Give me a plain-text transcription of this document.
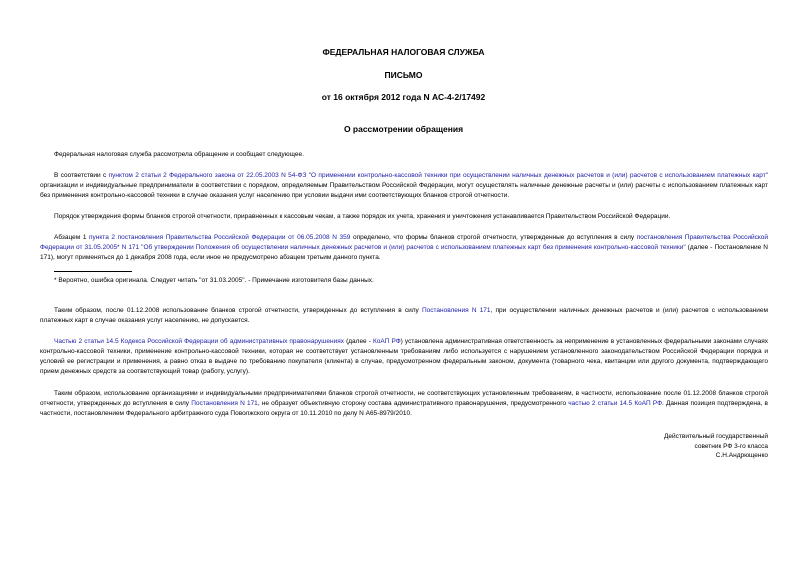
ФЕДЕРАЛЬНАЯ НАЛОГОВАЯ СЛУЖБА
ПИСЬМО
от 16 октября 2012 года N АС-4-2/17492
О рассмотрении обращения

Федеральная налоговая служба рассмотрела обращение и сообщает следующее.

В соответствии с пунктом 2 статьи 2 Федерального закона от 22.05.2003 N 54-ФЗ "О применении контрольно-кассовой техники при осуществлении наличных денежных расчетов и (или) расчетов с использованием платежных карт" организации и индивидуальные предприниматели в соответствии с порядком, определяемым Правительством Российской Федерации, могут осуществлять наличные денежные расчеты и (или) расчеты с использованием платежных карт без применения контрольно-кассовой техники в случае оказания услуг населению при условии выдачи ими соответствующих бланков строгой отчетности.

Порядок утверждения формы бланков строгой отчетности, приравненных к кассовым чекам, а также порядок их учета, хранения и уничтожения устанавливается Правительством Российской Федерации.

Абзацем 1 пункта 2 постановления Правительства Российской Федерации от 06.05.2008 N 359 определено, что формы бланков строгой отчетности, утвержденные до вступления в силу постановления Правительства Российской Федерации от 31.05.2005* N 171 "Об утверждении Положения об осуществлении наличных денежных расчетов и (или) расчетов с использованием платежных карт без применения контрольно-кассовой техники" (далее - Постановление N 171), могут применяться до 1 декабря 2008 года, если иное не предусмотрено абзацем третьим данного пункта.

* Вероятно, ошибка оригинала. Следует читать "от 31.03.2005". - Примечание изготовителя базы данных.

Таким образом, после 01.12.2008 использование бланков строгой отчетности, утвержденных до вступления в силу Постановления N 171, при осуществлении наличных денежных расчетов и (или) расчетов с использованием платежных карт в случае оказания услуг населению, не допускается.

Частью 2 статьи 14.5 Кодекса Российской Федерации об административных правонарушениях (далее - КоАП РФ) установлена административная ответственность за неприменение в установленных федеральными законами случаях контрольно-кассовой техники, применение контрольно-кассовой техники, которая не соответствует установленным требованиям либо используется с нарушением установленного законодательством Российской Федерации порядка и условий ее регистрации и применения, а равно отказ в выдаче по требованию покупателя (клиента) в случае, предусмотренном федеральным законом, документа (товарного чека, квитанции или другого документа, подтверждающего прием денежных средств за соответствующий товар (работу, услугу).

Таким образом, использование организациями и индивидуальными предпринимателями бланков строгой отчетности, не соответствующих установленным требованиям, в частности, использование после 01.12.2008 бланков строгой отчетности, утвержденных до вступления в силу Постановления N 171, не образует объективную сторону состава административного правонарушения, предусмотренного частью 2 статьи 14.5 КоАП РФ. Данная позиция подтверждена, в частности, постановлением Федерального арбитражного суда Поволжского округа от 10.11.2010 по делу N А65-8979/2010.

Действительный государственный
советник РФ 3-го класса
С.Н.Андрющенко
